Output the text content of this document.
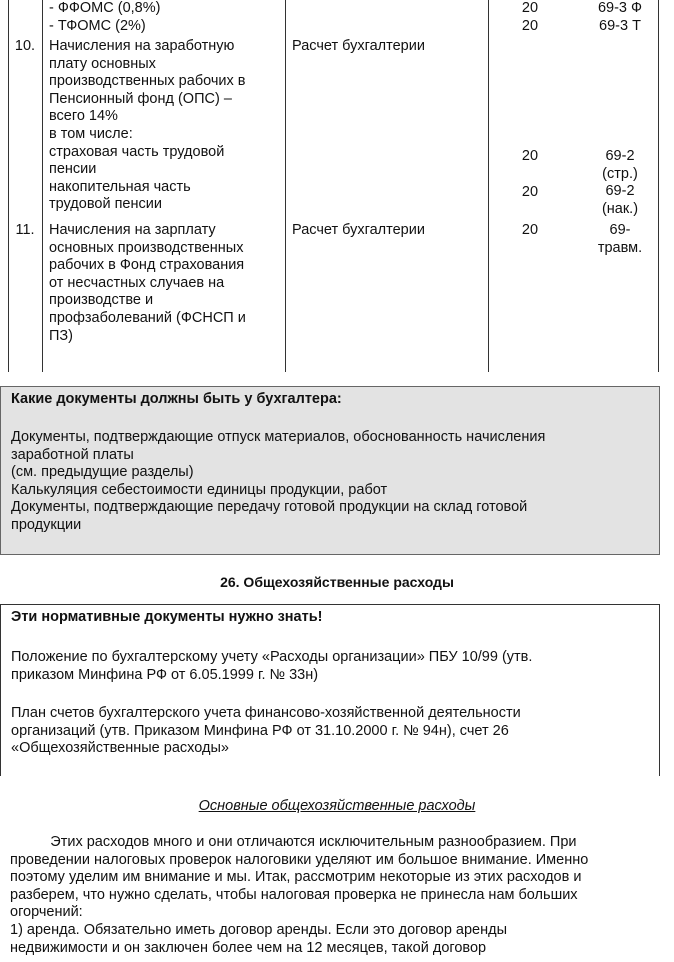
- ФФОМС (0,8%)
- ТФОМС (2%)
20
20
69-3 Ф
69-3 Т
10. Начисления на заработную
плату основных
производственных рабочих в
Пенсионный фонд (ОПС) –
всего 14%
в том числе:
страховая часть трудовой
пенсии
накопительная часть
трудовой пенсии
Расчет бухгалтерии
20
20
69-2
(стр.)
69-2
(нак.)
11. Начисления на зарплату
основных производственных
рабочих в Фонд страхования
от несчастных случаев на
производстве и
профзаболеваний (ФСНСП и
ПЗ)
Расчет бухгалтерии	20	69-
травм.
Какие документы должны быть у бухгалтера:
Документы, подтверждающие отпуск материалов, обоснованность начисления
заработной платы
(см. предыдущие разделы)
Калькуляция себестоимости единицы продукции, работ
Документы, подтверждающие передачу готовой продукции на склад готовой
продукции
26. Общехозяйственные расходы
Эти нормативные документы нужно знать!
Положение по бухгалтерскому учету «Расходы организации» ПБУ 10/99 (утв.
приказом Минфина РФ от 6.05.1999 г. № 33н)
План счетов бухгалтерского учета финансово-хозяйственной деятельности
организаций (утв. Приказом Минфина РФ от 31.10.2000 г. № 94н), счет 26
«Общехозяйственные расходы»
Основные общехозяйственные расходы
Этих расходов много и они отличаются исключительным разнообразием. При
проведении налоговых проверок налоговики уделяют им большое внимание. Именно
поэтому уделим им внимание и мы. Итак, рассмотрим некоторые из этих расходов и
разберем, что нужно сделать, чтобы налоговая проверка не принесла нам больших
огорчений:
1) аренда. Обязательно иметь договор аренды. Если это договор аренды
недвижимости и он заключен более чем на 12 месяцев, такой договор
